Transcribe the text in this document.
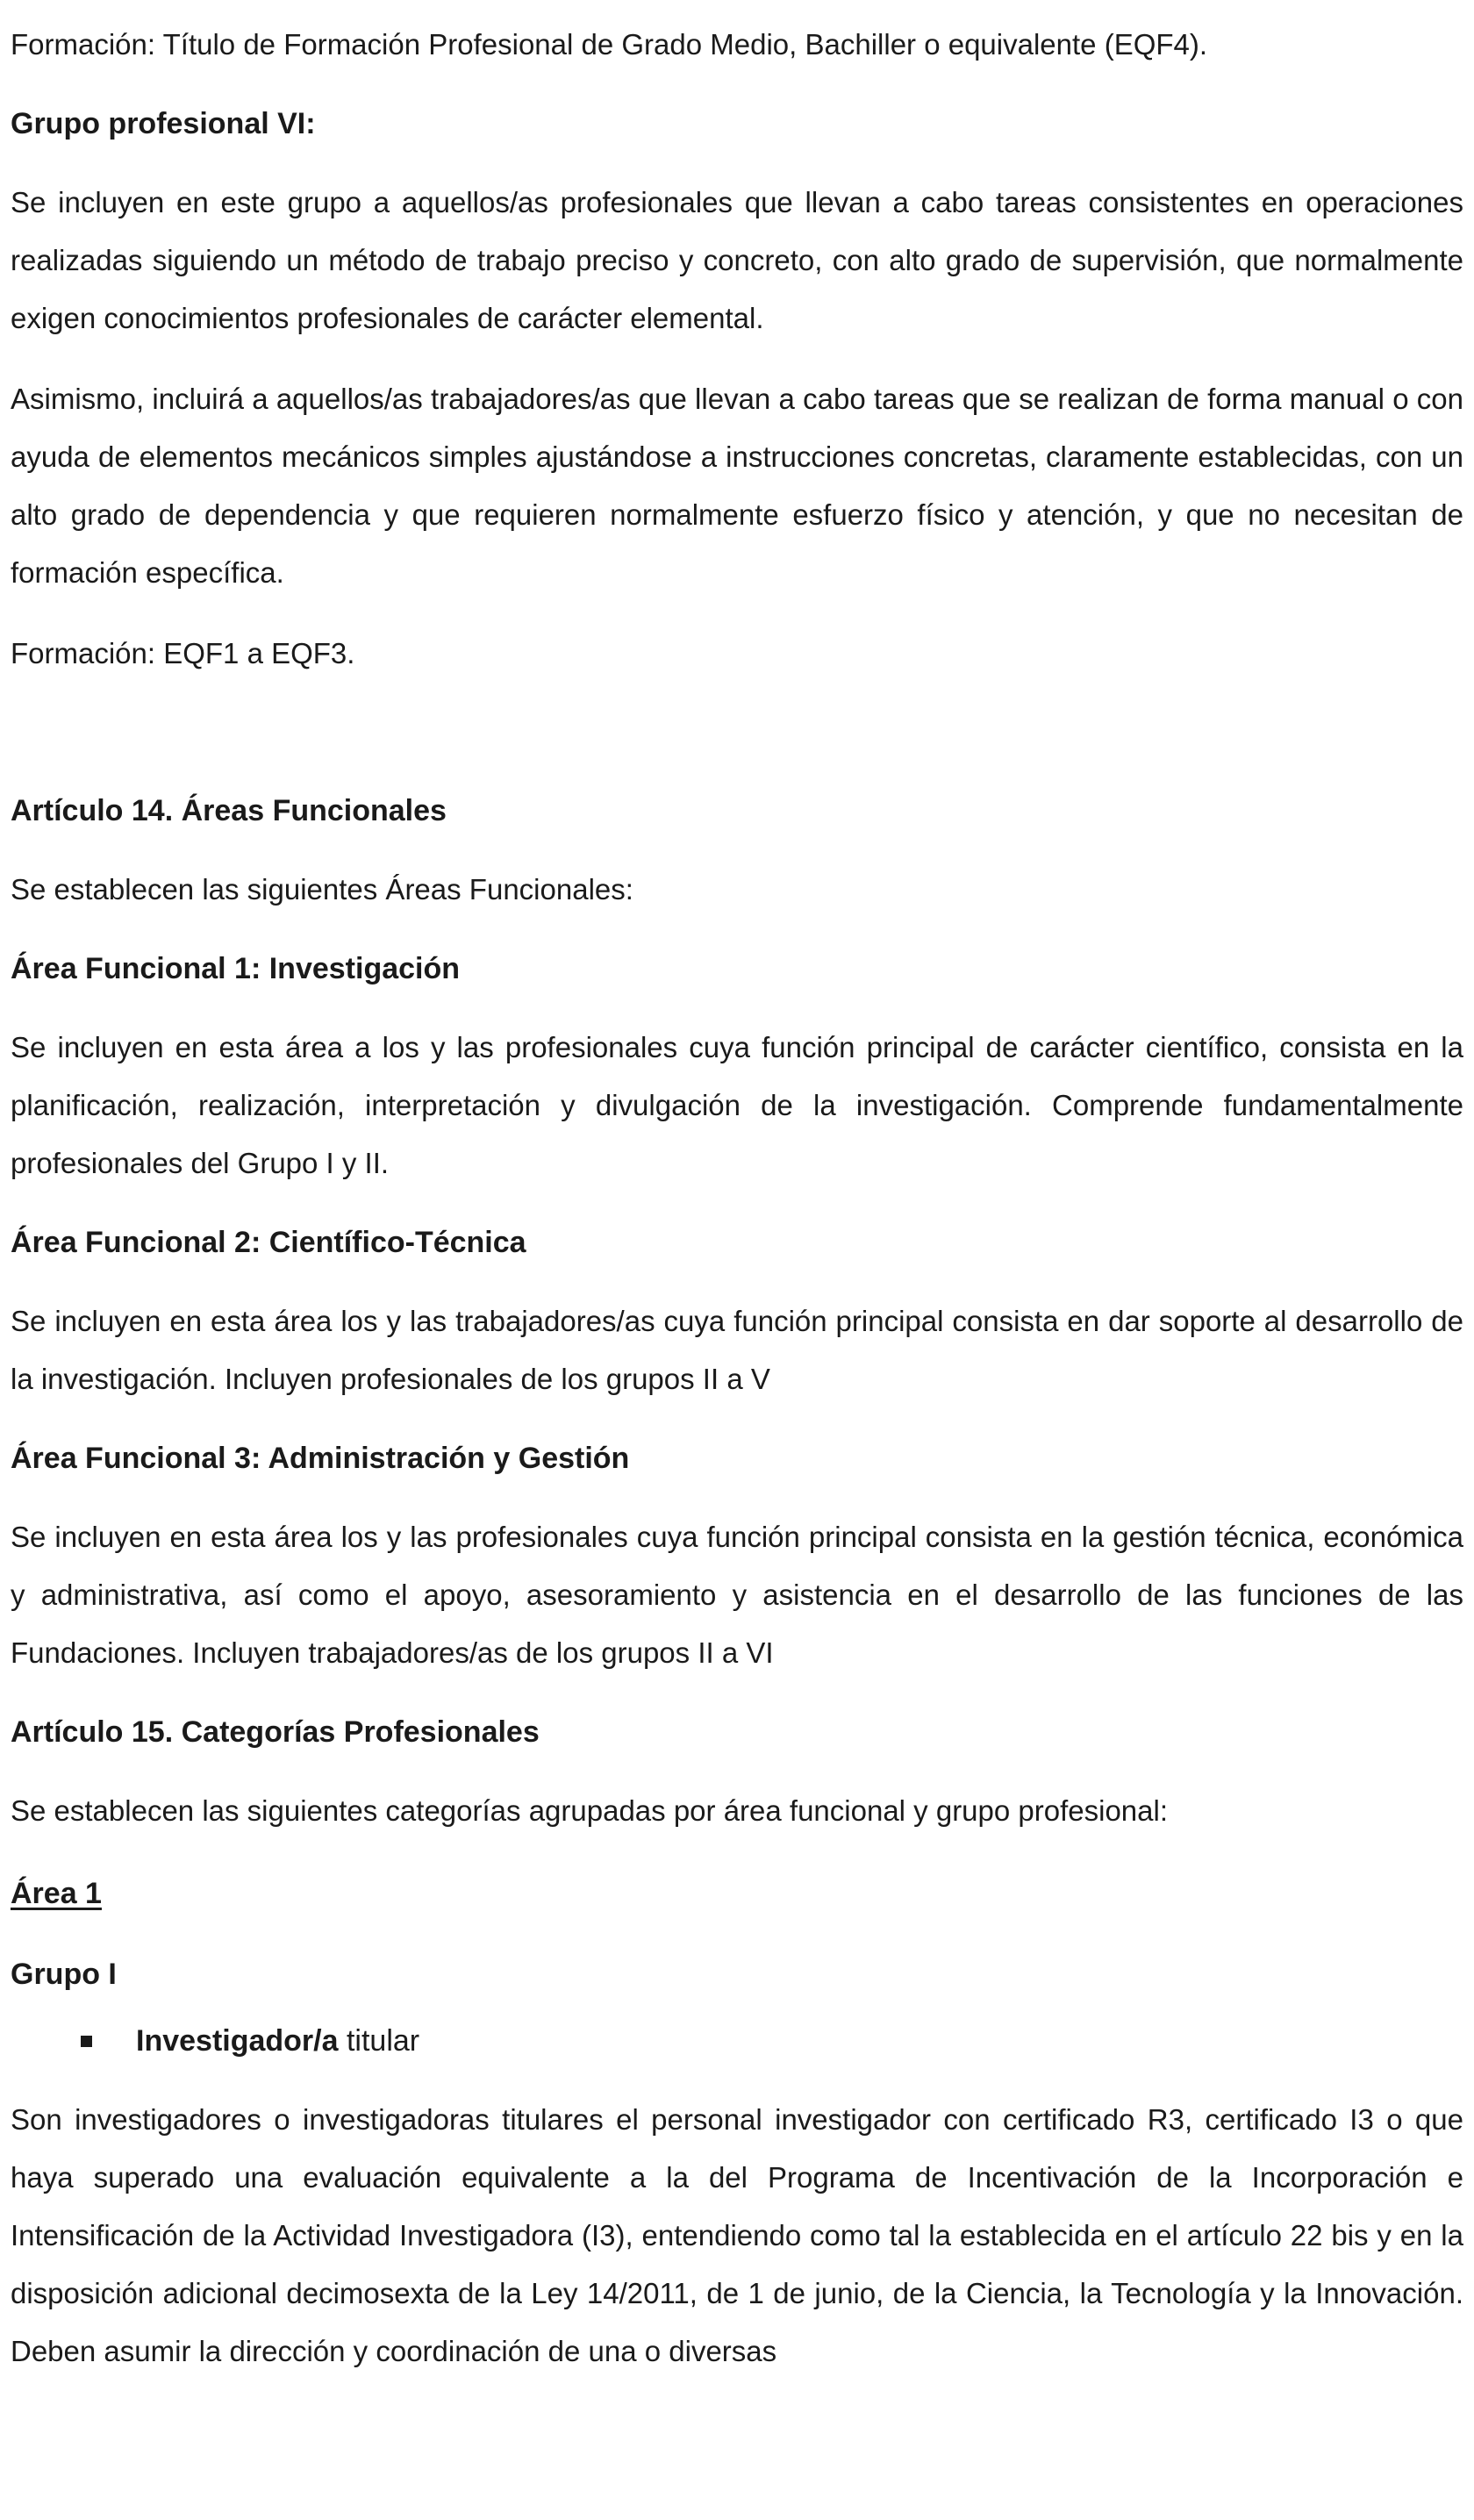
Formación: Título de Formación Profesional de Grado Medio, Bachiller o equivalente (EQF4).

Grupo profesional VI:

Se incluyen en este grupo a aquellos/as profesionales que llevan a cabo tareas consistentes en operaciones realizadas siguiendo un método de trabajo preciso y concreto, con alto grado de supervisión, que normalmente exigen conocimientos profesionales de carácter elemental.

Asimismo, incluirá a aquellos/as trabajadores/as que llevan a cabo tareas que se realizan de forma manual o con ayuda de elementos mecánicos simples ajustándose a instrucciones concretas, claramente establecidas, con un alto grado de dependencia y que requieren normalmente esfuerzo físico y atención, y que no necesitan de formación específica.

Formación: EQF1 a EQF3.

Artículo 14. Áreas Funcionales

Se establecen las siguientes Áreas Funcionales:

Área Funcional 1: Investigación

Se incluyen en esta área a los y las profesionales cuya función principal de carácter científico, consista en la planificación, realización, interpretación y divulgación de la investigación. Comprende fundamentalmente profesionales del Grupo I y II.

Área Funcional 2: Científico-Técnica

Se incluyen en esta área los y las trabajadores/as cuya función principal consista en dar soporte al desarrollo de la investigación. Incluyen profesionales de los grupos II a V

Área Funcional 3: Administración y Gestión

Se incluyen en esta área los y las profesionales cuya función principal consista en la gestión técnica, económica y administrativa, así como el apoyo, asesoramiento y asistencia en el desarrollo de las funciones de las Fundaciones. Incluyen trabajadores/as de los grupos II a VI

Artículo 15. Categorías Profesionales

Se establecen las siguientes categorías agrupadas por área funcional y grupo profesional:

Área 1

Grupo I

Investigador/a titular

Son investigadores o investigadoras titulares el personal investigador con certificado R3, certificado I3 o que haya superado una evaluación equivalente a la del Programa de Incentivación de la Incorporación e Intensificación de la Actividad Investigadora (I3), entendiendo como tal la establecida en el artículo 22 bis y en la disposición adicional decimosexta de la Ley 14/2011, de 1 de junio, de la Ciencia, la Tecnología y la Innovación. Deben asumir la dirección y coordinación de una o diversas
